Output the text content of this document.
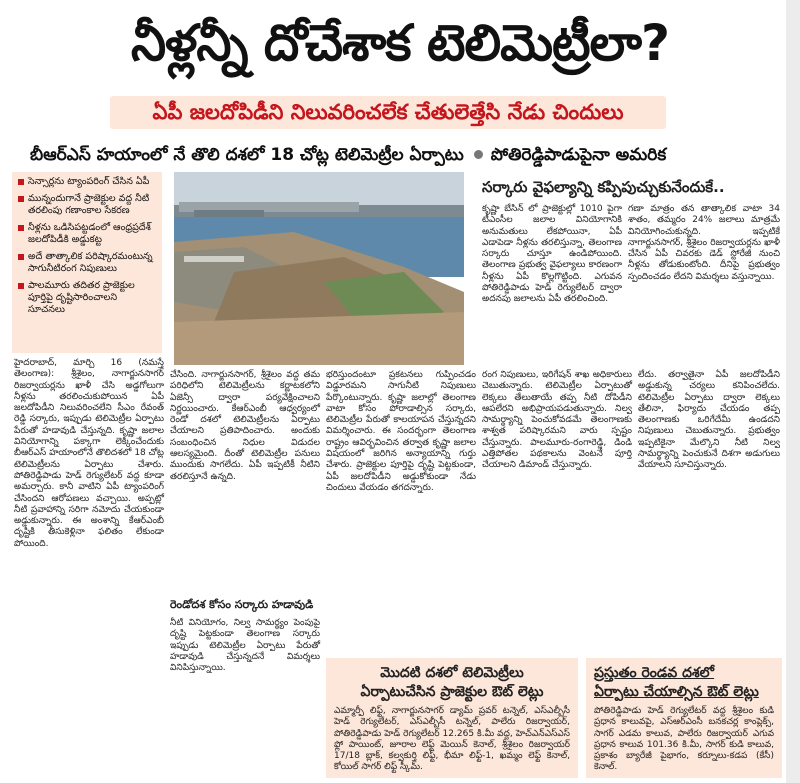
నీళ్లన్నీ దోచేశాక టెలిమెట్రీలా?
ఏపీ జలదోపిడీని నిలువరించలేక చేతులెత్తేసి నేడు చిందులు
బీఆర్ఎస్ హయాంలో నే తొలి దశలో 18 చోట్ల టెలిమెట్రీల ఏర్పాటు పోతిరెడ్డిపాడుపైనా అమరిక
సెన్సార్లను ట్యాంపరింగ్ చేసిన ఏపీ
మున్నందుగానే ప్రాజెక్టుల వద్ద నీటి తరలింపు గణాంకాల సేకరణ
నీళ్లను ఒడిసిపట్టడంలో ఆంధ్రప్రదేశ్ జలదోపిడీకి అడ్డుకట్ట
అదే తాత్కాలిక పరిష్కారమంటున్న సాగునీటిరంగ నిపుణులు
పాలమూరు తదితర ప్రాజెక్టుల పూర్తిపై దృష్టిసారించాలని సూచనలు
సర్కారు వైఫల్యాన్ని కప్పిపుచ్చుకునేందుకే..
కృష్ణా బేసిన్ లో ప్రాజెక్టుల్లో 1010 పైగా టీఎంసీల జలాల వినియోగానికి అనుమతులు లేకపోయినా, ఏపీ ఎడాపెడా నీళ్లను తరలిస్తున్నా, తెలంగాణ సర్కారు చూస్తూ ఉండిపోయింది. తెలంగాణ ప్రభుత్వ వైఫల్యాలు కారణంగా నీళ్లను ఏపీ కొల్లగొట్టింది. ఎగువన పోతిరెడ్డిపాడు హెడ్ రెగ్యులేటర్ ద్వారా అదనపు జలాలను ఏపీ తరలించింది.
గణా మాత్రం తన తాత్కాలిక వాటా 34 శాతం, తమ్మరం 24% జలాలు మాత్రమే వినియోగించుకున్నది. ఇప్పటికే నాగార్జునసాగర్, శ్రీశైలం రిజర్వాయర్లను ఖాళీ చేసిన ఏపీ చివరకు డెడ్ స్టోరేజీ నుంచి నీళ్లను తోడుకుంటోంది. దీనిపై ప్రభుత్వం స్పందించడం లేదని విమర్శలు వస్తున్నాయి.
హైదరాబాద్, మార్చి 16 (నమస్తే తెలంగాణ): శ్రీశైలం, నాగార్జునసాగర్ రిజర్వాయర్లను ఖాళీ చేసి అడ్డగోలుగా నీళ్లను తరలించుకుపోయిన ఏపీ జలదోపిడీని నిలువరించలేని సీఎం రేవంత్ రెడ్డి సర్కారు, ఇప్పుడు టెలిమెట్రీల ఏర్పాటు పేరుతో హడావుడి చేస్తున్నది. కృష్ణా జలాల వినియోగాన్ని పక్కాగా లెక్కించేందుకు బీఆర్ఎస్ హయాంలోనే తొలిదశలో 18 చోట్ల టెలిమెట్రీలను ఏర్పాటు చేశారు. పోతిరెడ్డిపాడు హెడ్ రెగ్యులేటర్ వద్ద కూడా అమర్చారు. కానీ వాటిని ఏపీ ట్యాంపరింగ్ చేసిందని ఆరోపణలు వచ్చాయి. అప్పట్లో నీటి ప్రవాహాన్ని సరిగా నమోదు చేయకుండా అడ్డుకున్నారు. ఈ అంశాన్ని కేఆర్ఎంబీ దృష్టికి తీసుకెళ్లినా ఫలితం లేకుండా పోయింది.
చేసింది. నాగార్జునసాగర్, శ్రీశైలం వద్ద తమ పరిధిలోని టెలిమెట్రీలను కర్ణాటకలోని ఏజెన్సీ ద్వారా పర్యవేక్షించాలని నిర్ణయించారు. కేఆర్ఎంబీ ఆధ్వర్యంలో రెండో దశలో టెలిమెట్రీలను ఏర్పాటు చేయాలని ప్రతిపాదించారు. అందుకు సంబంధించిన నిధుల విడుదల ఆలస్యమైంది. దీంతో టెలిమెట్రీల పనులు ముందుకు సాగలేదు. ఏపీ ఇప్పటికీ నీటిని తరలిస్తూనే ఉన్నది.
రెండోదశ కోసం సర్కారు హడావుడి
నీటి వినియోగం, నిల్వ సామర్థ్యం పెంపుపై దృష్టి పెట్టకుండా తెలంగాణ సర్కారు ఇప్పుడు టెలిమెట్రీల ఏర్పాటు పేరుతో హడావుడి చేస్తున్నదనే విమర్శలు వినిపిస్తున్నాయి.
భరిస్తుందంటూ ప్రకటనలు గుప్పించడం విడ్డూరమని సాగునీటి నిపుణులు పేర్కొంటున్నారు. కృష్ణా జలాల్లో తెలంగాణ వాటా కోసం పోరాడాల్సిన సర్కారు, టెలిమెట్రీల పేరుతో కాలయాపన చేస్తున్నదని విమర్శించారు. ఈ సందర్భంగా తెలంగాణ రాష్ట్రం ఆవిర్భవించిన తర్వాత కృష్ణా జలాల విషయంలో జరిగిన అన్యాయాన్ని గుర్తు చేశారు. ప్రాజెక్టుల పూర్తిపై దృష్టి పెట్టకుండా, ఏపీ జలదోపిడీని అడ్డుకోకుండా నేడు చిందులు వేయడం తగదన్నారు.
రంగ నిపుణులు, ఇరిగేషన్ శాఖ అధికారులు చెబుతున్నారు. టెలిమెట్రీల ఏర్పాటుతో లెక్కలు తేలుతాయే తప్ప నీటి దోపిడీని ఆపలేరని అభిప్రాయపడుతున్నారు. నిల్వ సామర్థ్యాన్ని పెంచుకోవడమే తెలంగాణకు శాశ్వత పరిష్కారమని వారు స్పష్టం చేస్తున్నారు. పాలమూరు-రంగారెడ్డి, డిండి ఎత్తిపోతల పథకాలను వెంటనే పూర్తి చేయాలని డిమాండ్ చేస్తున్నారు.
లేదు. తర్వాతైనా ఏపీ జలదోపిడీని అడ్డుకున్న చర్యలు కనిపించలేదు. టెలిమెట్రీల ఏర్పాటు ద్వారా లెక్కలు తేలినా, ఫిర్యాదు చేయడం తప్ప తెలంగాణకు ఒరిగేదేమీ ఉండదని నిపుణులు చెబుతున్నారు. ప్రభుత్వం ఇప్పటికైనా మేల్కొని నీటి నిల్వ సామర్థ్యాన్ని పెంచుకునే దిశగా అడుగులు వేయాలని సూచిస్తున్నారు.
మొదటి దశలో టెలిమెట్రీలు
ఏర్పాటుచేసిన ప్రాజెక్టుల ఔట్ లెట్లు
ఎమ్మార్పీ లిఫ్ట్, నాగార్జునసాగర్ డ్యామ్ ప్రవర్ టన్నెల్, ఎస్ఎల్బీసీ హెడ్ రెగ్యులేటర్, ఎస్ఎల్బీసీ టన్నెల్, పాలేరు రిజర్వాయర్, పోతిరెడ్డిపాడు హెడ్ రెగ్యులేటర్ 12.265 కి.మీ వద్ద, హెచ్ఎన్ఎస్ఎస్ ఫ్లో పాయింట్, జూరాల లెఫ్ట్ మెయిన్ కెనాల్, శ్రీశైలం రిజర్వాయర్ 17/18 బ్లాక్, కల్వకుర్తి లిఫ్ట్, భీమా లిఫ్ట్-1, ఖమ్మం లెఫ్ట్ కెనాల్, కోయిల్ సాగర్ లిఫ్ట్ స్కీమ్.
ప్రస్తుతం రెండవ దశలో
ఏర్పాటు చేయాల్సిన ఔట్ లెట్లు
పోతిరెడ్డిపాడు హెడ్ రెగ్యులేటర్ వద్ద శ్రీశైలం కుడి ప్రధాన కాలువపై, ఎస్ఆర్ఎంసీ బనకచర్ల కాంప్లెక్స్, సాగర్ ఎడమ కాలువ, పాలేరు రిజర్వాయర్ ఎగువ ప్రధాన కాలువ 101.36 కి.మీ, సాగర్ కుడి కాలువ, ప్రకాశం బ్యారేజీ పైభాగం, కర్నూలు-కడప (కేసీ) కెనాల్.
